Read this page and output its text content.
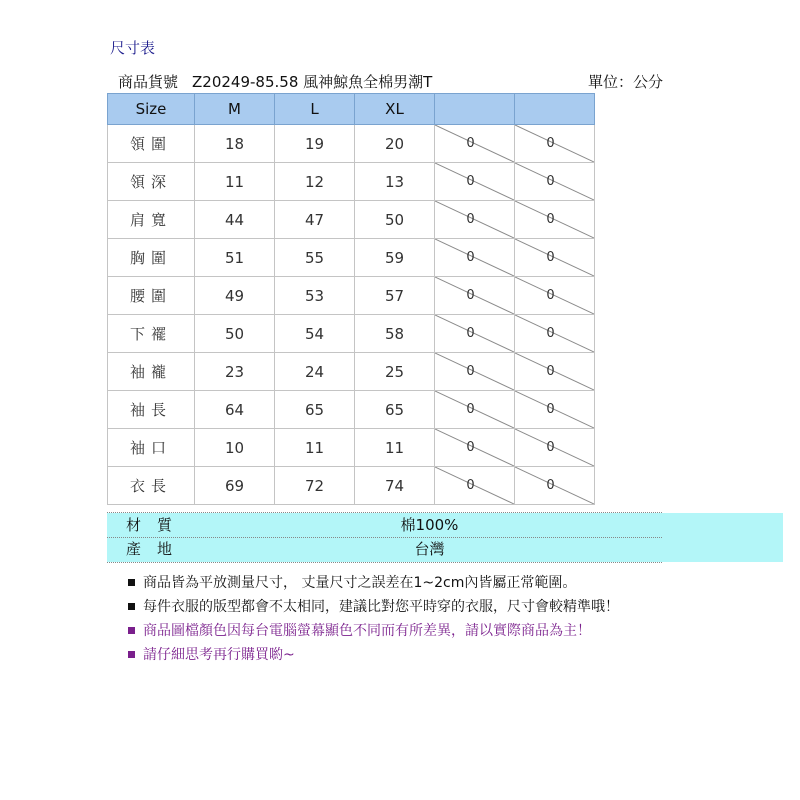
尺寸表
商品貨號 Z20249-85.58 風神鯨魚全棉男潮T	單位：公分
Size	M	L	XL		
領圍	18	19	20	0	0
領深	11	12	13	0	0
肩寬	44	47	50	0	0
胸圍	51	55	59	0	0
腰圍	49	53	57	0	0
下襬	50	54	58	0	0
袖襱	23	24	25	0	0
袖長	64	65	65	0	0
袖口	10	11	11	0	0
衣長	69	72	74	0	0
材質	棉100%
產地	台灣
商品皆為平放測量尺寸， 丈量尺寸之誤差在1~2cm內皆屬正常範圍。
每件衣服的版型都會不太相同，建議比對您平時穿的衣服，尺寸會較精準哦！
商品圖檔顏色因每台電腦螢幕顯色不同而有所差異，請以實際商品為主！
請仔細思考再行購買喲~
